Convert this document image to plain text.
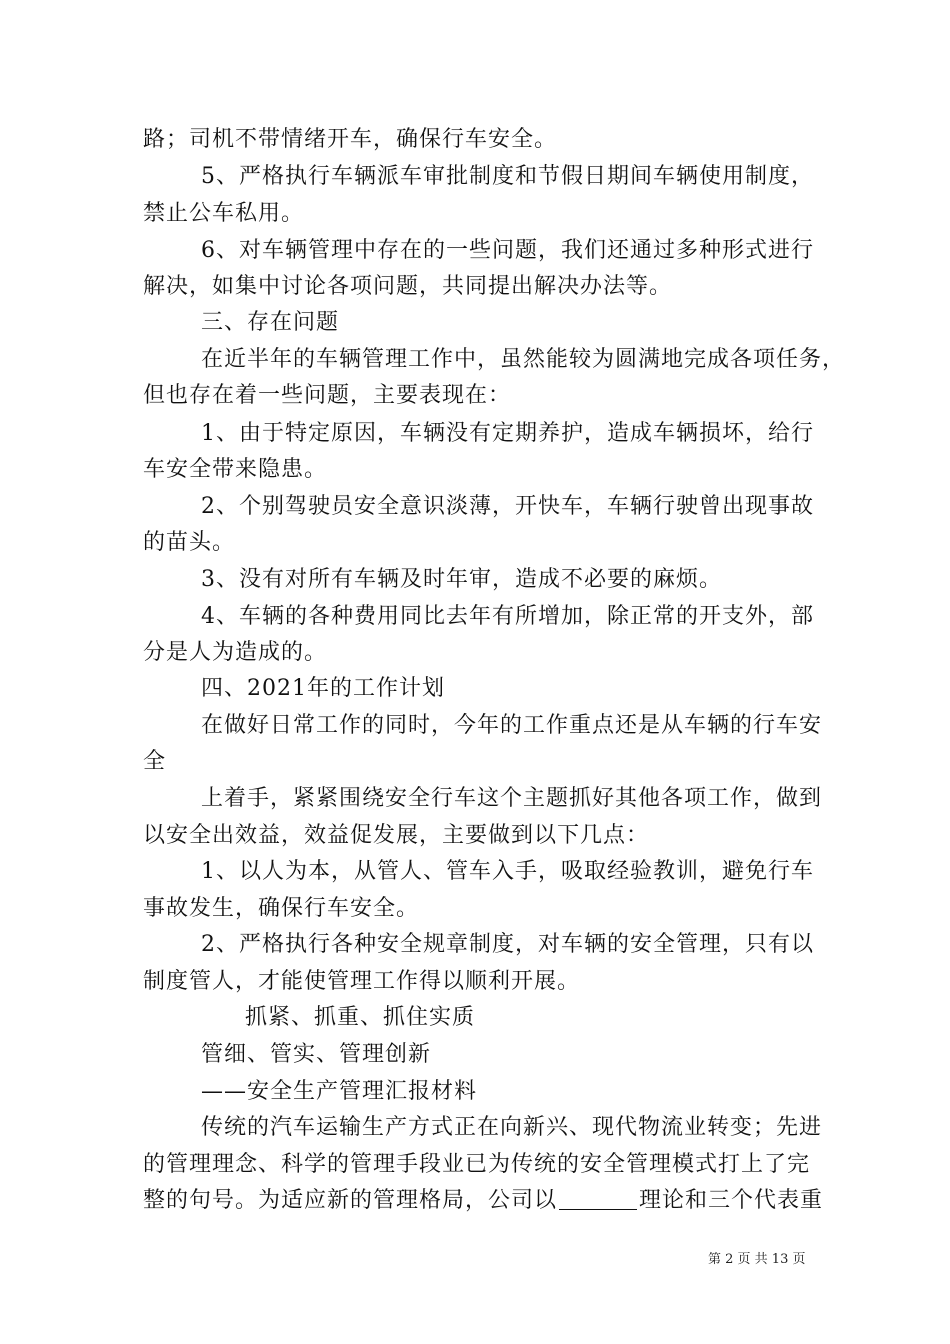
路；司机不带情绪开车，确保行车安全。
5、严格执行车辆派车审批制度和节假日期间车辆使用制度，
禁止公车私用。
6、对车辆管理中存在的一些问题，我们还通过多种形式进行
解决，如集中讨论各项问题，共同提出解决办法等。
三、存在问题
在近半年的车辆管理工作中，虽然能较为圆满地完成各项任务，
但也存在着一些问题，主要表现在：
1、由于特定原因，车辆没有定期养护，造成车辆损坏，给行
车安全带来隐患。
2、个别驾驶员安全意识淡薄，开快车，车辆行驶曾出现事故
的苗头。
3、没有对所有车辆及时年审，造成不必要的麻烦。
4、车辆的各种费用同比去年有所增加，除正常的开支外，部
分是人为造成的。
四、2021年的工作计划
在做好日常工作的同时，今年的工作重点还是从车辆的行车安
全
上着手，紧紧围绕安全行车这个主题抓好其他各项工作，做到
以安全出效益，效益促发展，主要做到以下几点：
1、以人为本，从管人、管车入手，吸取经验教训，避免行车
事故发生，确保行车安全。
2、严格执行各种安全规章制度，对车辆的安全管理，只有以
制度管人，才能使管理工作得以顺利开展。
抓紧、抓重、抓住实质
管细、管实、管理创新
——安全生产管理汇报材料
传统的汽车运输生产方式正在向新兴、现代物流业转变；先进
的管理理念、科学的管理手段业已为传统的安全管理模式打上了完
整的句号。为适应新的管理格局，公司以	理论和三个代表重
第 2 页 共 13 页
